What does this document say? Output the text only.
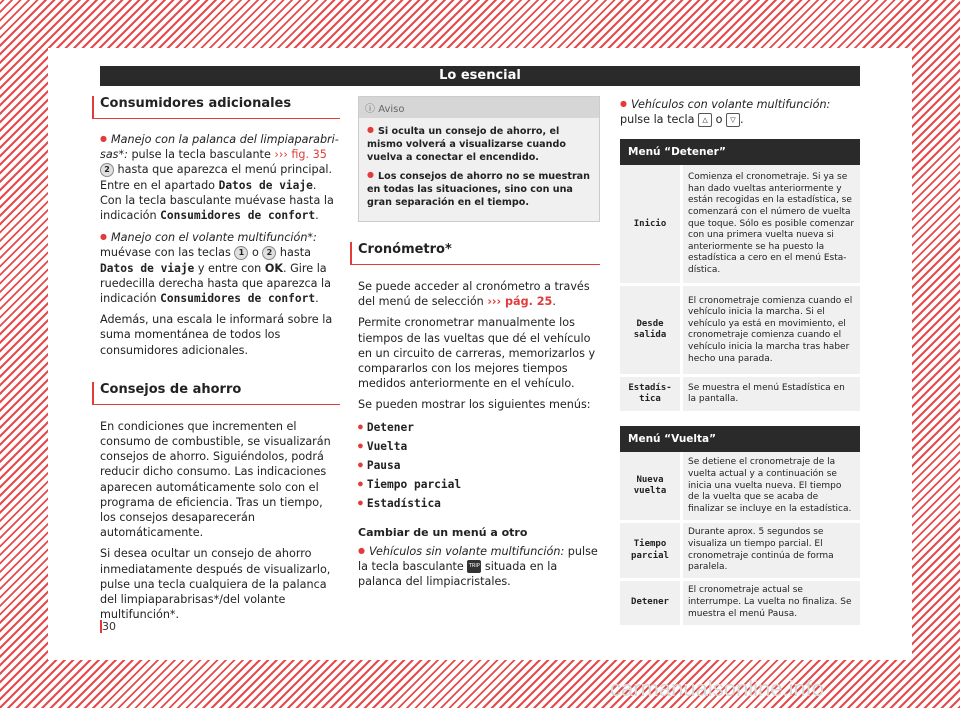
Lo esencial
Consumidores adicionales

● Manejo con la palanca del limpiaparabrisas*: pulse la tecla basculante ››› fig. 35 2 hasta que aparezca el menú principal. Entre en el apartado Datos de viaje. Con la tecla basculante muévase hasta la indicación Consumidores de confort.

● Manejo con el volante multifunción*: muévase con las teclas 1 o 2 hasta Datos de viaje y entre con OK. Gire la ruedecilla derecha hasta que aparezca la indicación Consumidores de confort.

Además, una escala le informará sobre la suma momentánea de todos los consumidores adicionales.

Consejos de ahorro

En condiciones que incrementen el consumo de combustible, se visualizarán consejos de ahorro. Siguiéndolos, podrá reducir dicho consumo. Las indicaciones aparecen automáticamente solo con el programa de eficiencia. Tras un tiempo, los consejos desaparecerán automáticamente.

Si desea ocultar un consejo de ahorro inmediatamente después de visualizarlo, pulse una tecla cualquiera de la palanca del limpiaparabrisas*/del volante multifunción*.

ⓘ Aviso
● Si oculta un consejo de ahorro, el mismo volverá a visualizarse cuando vuelva a conectar el encendido.
● Los consejos de ahorro no se muestran en todas las situaciones, sino con una gran separación en el tiempo.
Cronómetro*

Se puede acceder al cronómetro a través del menú de selección ››› pág. 25.

Permite cronometrar manualmente los tiempos de las vueltas que dé el vehículo en un circuito de carreras, memorizarlos y compararlos con los mejores tiempos medidos anteriormente en el vehículo.

Se pueden mostrar los siguientes menús:

● Detener

● Vuelta

● Pausa

● Tiempo parcial

● Estadística

Cambiar de un menú a otro

● Vehículos sin volante multifunción: pulse la tecla basculante TRIP situada en la palanca del limpiacristales.

● Vehículos con volante multifunción: pulse la tecla △ o ▽ .

Menú “Detener”	
Inicio	Comienza el cronometraje. Si ya se han dado vueltas anteriormente y están recogidas en la estadística, se comenzará con el número de vuelta que toque. Sólo es posible comenzar con una primera vuelta nueva si anteriormente se ha puesto la estadística a cero en el menú Estadística.
Desde salida	El cronometraje comienza cuando el vehículo inicia la marcha. Si el vehículo ya está en movimiento, el cronometraje comienza cuando el vehículo inicia la marcha tras haber hecho una parada.
Estadística	Se muestra el menú Estadística en la pantalla.
Menú “Vuelta”	
Nueva vuelta	Se detiene el cronometraje de la vuelta actual y a continuación se inicia una vuelta nueva. El tiempo de la vuelta que se acaba de finalizar se incluye en la estadística.
Tiempo parcial	Durante aprox. 5 segundos se visualiza un tiempo parcial. El cronometraje continúa de forma paralela.
Detener	El cronometraje actual se interrumpe. La vuelta no finaliza. Se muestra el menú Pausa.
30
carmanualsonline.info
